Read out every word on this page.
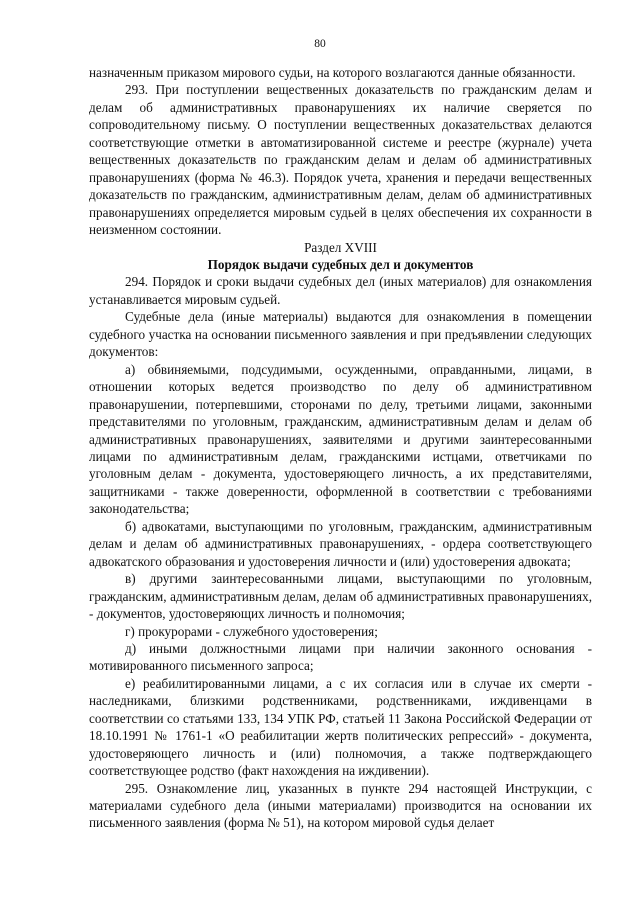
80

назначенным приказом мирового судьи, на которого возлагаются данные обязанности.

293. При поступлении вещественных доказательств по гражданским делам и делам об административных правонарушениях их наличие сверяется по сопроводительному письму. О поступлении вещественных доказательствах делаются соответствующие отметки в автоматизированной системе и реестре (журнале) учета вещественных доказательств по гражданским делам и делам об административных правонарушениях (форма № 46.3). Порядок учета, хранения и передачи вещественных доказательств по гражданским, административным делам, делам об административных правонарушениях определяется мировым судьей в целях обеспечения их сохранности в неизменном состоянии.

Раздел XVIII

Порядок выдачи судебных дел и документов

294. Порядок и сроки выдачи судебных дел (иных материалов) для ознакомления устанавливается мировым судьей.

Судебные дела (иные материалы) выдаются для ознакомления в помещении судебного участка на основании письменного заявления и при предъявлении следующих документов:

а) обвиняемыми, подсудимыми, осужденными, оправданными, лицами, в отношении которых ведется производство по делу об административном правонарушении, потерпевшими, сторонами по делу, третьими лицами, законными представителями по уголовным, гражданским, административным делам и делам об административных правонарушениях, заявителями и другими заинтересованными лицами по административным делам, гражданскими истцами, ответчиками по уголовным делам - документа, удостоверяющего личность, а их представителями, защитниками - также доверенности, оформленной в соответствии с требованиями законодательства;

б) адвокатами, выступающими по уголовным, гражданским, административным делам и делам об административных правонарушениях, - ордера соответствующего адвокатского образования и удостоверения личности и (или) удостоверения адвоката;

в) другими заинтересованными лицами, выступающими по уголовным, гражданским, административным делам, делам об административных правонарушениях, - документов, удостоверяющих личность и полномочия;

г) прокурорами - служебного удостоверения;

д) иными должностными лицами при наличии законного основания - мотивированного письменного запроса;

е) реабилитированными лицами, а с их согласия или в случае их смерти - наследниками, близкими родственниками, родственниками, иждивенцами в соответствии со статьями 133, 134 УПК РФ, статьей 11 Закона Российской Федерации от 18.10.1991 № 1761-1 «О реабилитации жертв политических репрессий» - документа, удостоверяющего личность и (или) полномочия, а также подтверждающего соответствующее родство (факт нахождения на иждивении).

295. Ознакомление лиц, указанных в пункте 294 настоящей Инструкции, с материалами судебного дела (иными материалами) производится на основании их письменного заявления (форма № 51), на котором мировой судья делает
